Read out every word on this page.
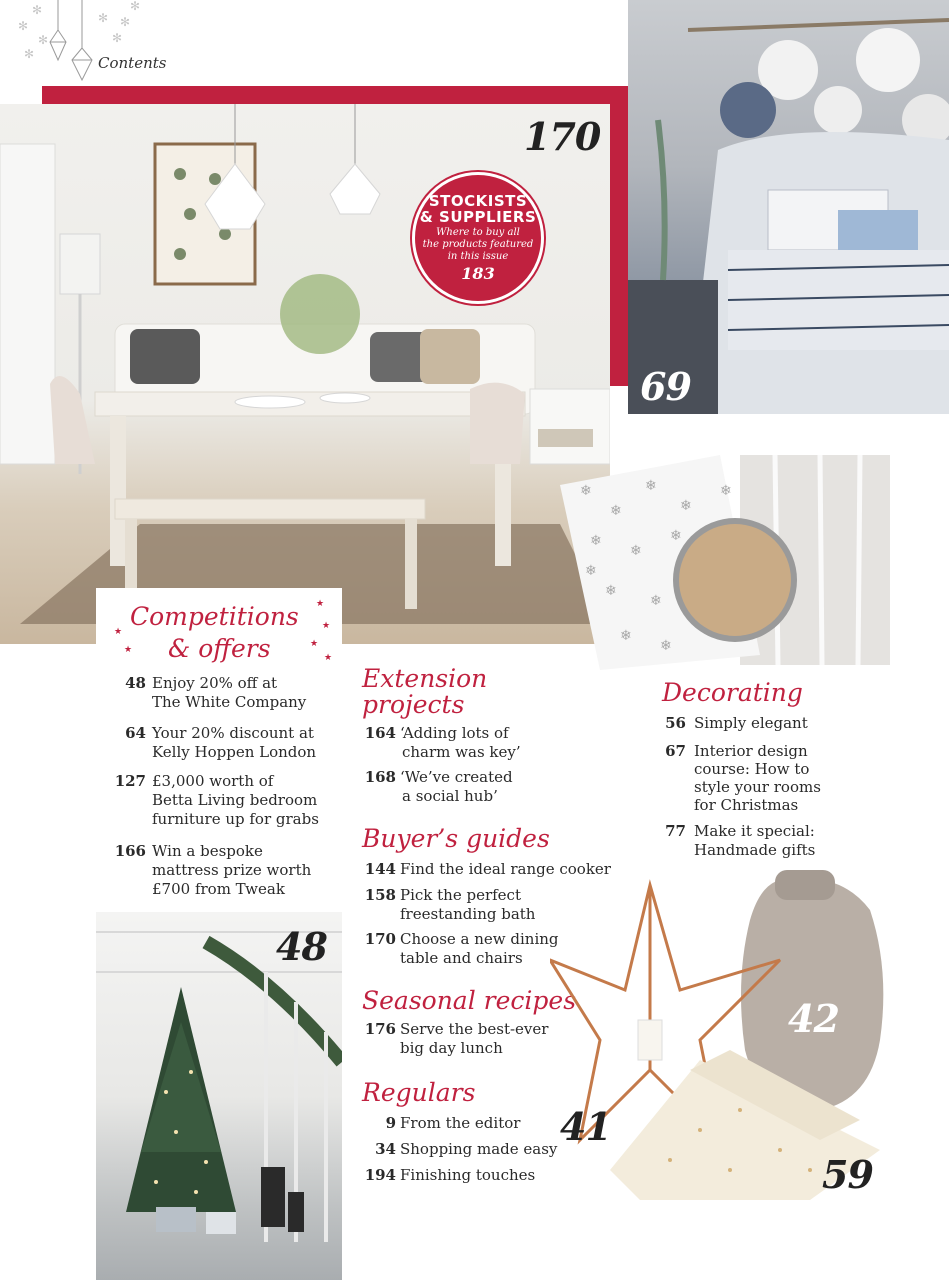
✻
✻
✻ ✻
✻
✻
✻
✻
Contents
170
STOCKISTS
& SUPPLIERS
Where to buy all
the products featured
in this issue
183
69
❄
❄
❄
❄
❄
❄
❄
❄
❄
❄
❄
❄
❄
★
★
★
★
★
★
Competitions
& offers
48 Enjoy 20% off at
The White Company
64 Your 20% discount at
Kelly Hoppen London
127 £3,000 worth of
Betta Living bedroom
furniture up for grabs
166 Win a bespoke
mattress prize worth
£700 from Tweak
48
Extension
projects
164 ‘Adding lots of
charm was key’
168 ‘We’ve created
a social hub’
Buyer’s guides
144 Find the ideal range cooker
158 Pick the perfect
freestanding bath
170 Choose a new dining
table and chairs
Seasonal recipes
176 Serve the best-ever
big day lunch
Regulars
9 From the editor
34 Shopping made easy
194 Finishing touches
Decorating
56 Simply elegant
67 Interior design
course: How to
style your rooms
for Christmas
77 Make it special:
Handmade gifts
42
41
59
